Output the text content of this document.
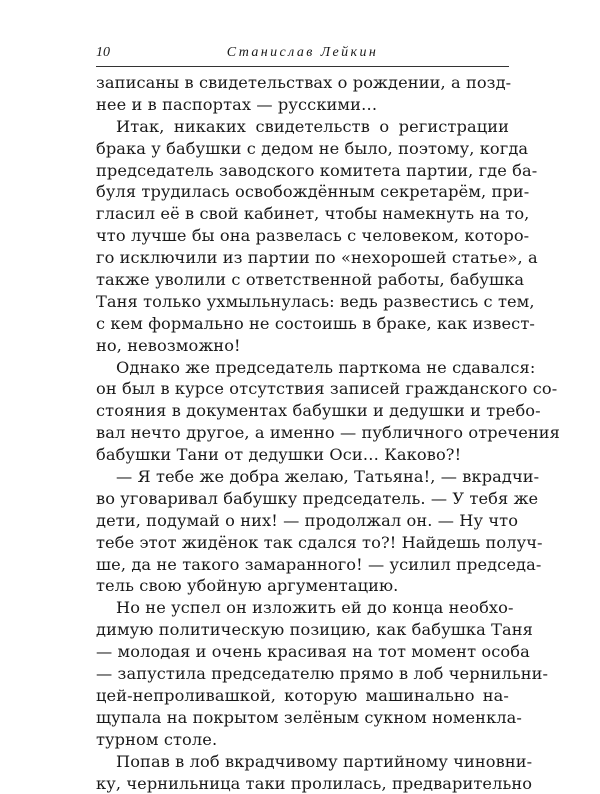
10	Станислав Лейкин
записаны в свидетельствах о рождении, а позд-
нее и в паспортах — русскими…
Итак, никаких свидетельств о регистрации
брака у бабушки с дедом не было, поэтому, когда
председатель заводского комитета партии, где ба-
буля трудилась освобождённым секретарём, при-
гласил её в свой кабинет, чтобы намекнуть на то,
что лучше бы она развелась с человеком, которо-
го исключили из партии по «нехорошей статье», а
также уволили с ответственной работы, бабушка
Таня только ухмыльнулась: ведь развестись с тем,
с кем формально не состоишь в браке, как извест-
но, невозможно!
Однако же председатель парткома не сдавался:
он был в курсе отсутствия записей гражданского со-
стояния в документах бабушки и дедушки и требо-
вал нечто другое, а именно — публичного отречения
бабушки Тани от дедушки Оси… Каково?!
— Я тебе же добра желаю, Татьяна!, — вкрадчи-
во уговаривал бабушку председатель. — У тебя же
дети, подумай о них! — продолжал он. — Ну что
тебе этот жидёнок так сдался то?! Найдешь получ-
ше, да не такого замаранного! — усилил председа-
тель свою убойную аргументацию.
Но не успел он изложить ей до конца необхо-
димую политическую позицию, как бабушка Таня
— молодая и очень красивая на тот момент особа
— запустила председателю прямо в лоб чернильни-
цей-непроливашкой, которую машинально на-
щупала на покрытом зелёным сукном номенкла-
турном столе.
Попав в лоб вкрадчивому партийному чиновни-
ку, чернильница таки пролилась, предварительно
